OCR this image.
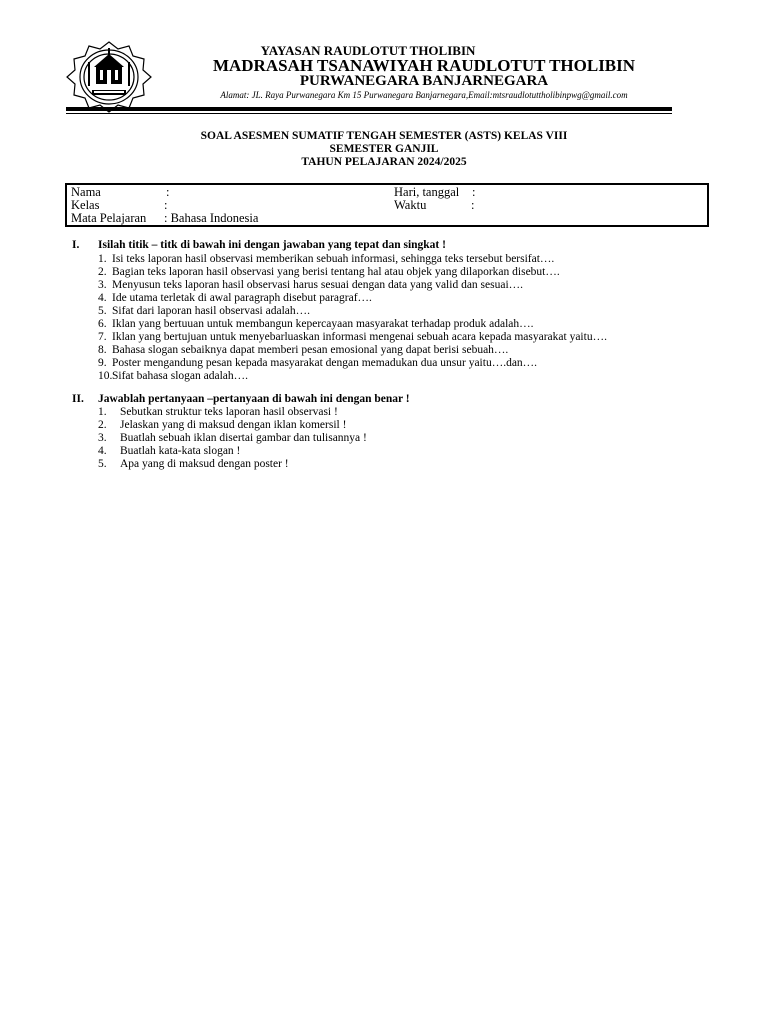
YAYASAN RAUDLOTUT THOLIBIN
MADRASAH TSANAWIYAH RAUDLOTUT THOLIBIN
PURWANEGARA BANJARNEGARA
Alamat: JL. Raya Purwanegara Km 15 Purwanegara Banjarnegara,Email:mtsraudlotuttholibinpwg@gmail.com
SOAL ASESMEN SUMATIF TENGAH SEMESTER (ASTS) KELAS VIII
SEMESTER GANJIL
TAHUN PELAJARAN 2024/2025
Nama	:
Kelas	:
Mata Pelajaran : Bahasa Indonesia
Hari, tanggal :
Waktu	:
I. Isilah titik – titk di bawah ini dengan jawaban yang tepat dan singkat !
1. Isi teks laporan hasil observasi memberikan sebuah informasi, sehingga teks tersebut bersifat….
2. Bagian teks laporan hasil observasi yang berisi tentang hal atau objek yang dilaporkan disebut….
3. Menyusun teks laporan hasil observasi harus sesuai dengan data yang valid dan sesuai….
4. Ide utama terletak di awal paragraph disebut paragraf….
5. Sifat dari laporan hasil observasi adalah….
6. Iklan yang bertuuan untuk membangun kepercayaan masyarakat terhadap produk adalah….
7. Iklan yang bertujuan untuk menyebarluaskan informasi mengenai sebuah acara kepada masyarakat yaitu….
8. Bahasa slogan sebaiknya dapat memberi pesan emosional yang dapat berisi sebuah….
9. Poster mengandung pesan kepada masyarakat dengan memadukan dua unsur yaitu….dan….
10. Sifat bahasa slogan adalah….
II. Jawablah pertanyaan –pertanyaan di bawah ini dengan benar !
1. Sebutkan struktur teks laporan hasil observasi !
2. Jelaskan yang di maksud dengan iklan komersil !
3. Buatlah sebuah iklan disertai gambar dan tulisannya !
4. Buatlah kata-kata slogan !
5. Apa yang di maksud dengan poster !
